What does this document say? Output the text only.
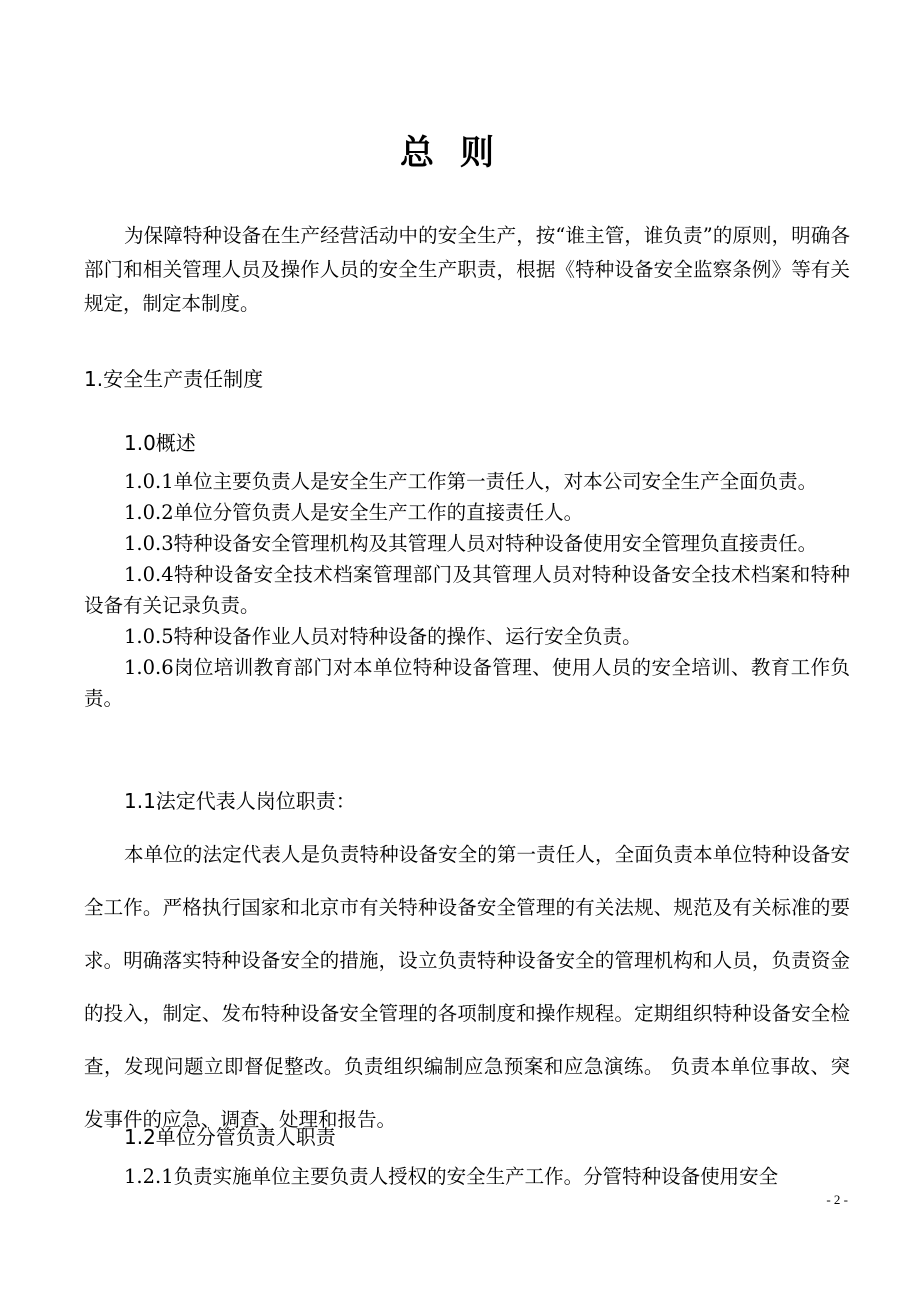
总则
为保障特种设备在生产经营活动中的安全生产，按“谁主管，谁负责”的原则，明确各部门和相关管理人员及操作人员的安全生产职责，根据《特种设备安全监察条例》等有关规定，制定本制度。
1.安全生产责任制度
1.0概述

1.0.1单位主要负责人是安全生产工作第一责任人，对本公司安全生产全面负责。

1.0.2单位分管负责人是安全生产工作的直接责任人。

1.0.3特种设备安全管理机构及其管理人员对特种设备使用安全管理负直接责任。

1.0.4特种设备安全技术档案管理部门及其管理人员对特种设备安全技术档案和特种设备有关记录负责。

1.0.5特种设备作业人员对特种设备的操作、运行安全负责。

1.0.6岗位培训教育部门对本单位特种设备管理、使用人员的安全培训、教育工作负责。

1.1法定代表人岗位职责：

本单位的法定代表人是负责特种设备安全的第一责任人，全面负责本单位特种设备安全工作。严格执行国家和北京市有关特种设备安全管理的有关法规、规范及有关标准的要求。明确落实特种设备安全的措施，设立负责特种设备安全的管理机构和人员，负责资金的投入，制定、发布特种设备安全管理的各项制度和操作规程。定期组织特种设备安全检查，发现问题立即督促整改。负责组织编制应急预案和应急演练。 负责本单位事故、突发事件的应急、调查、处理和报告。

1.2单位分管负责人职责

1.2.1负责实施单位主要负责人授权的安全生产工作。分管特种设备使用安全

- 2 -
